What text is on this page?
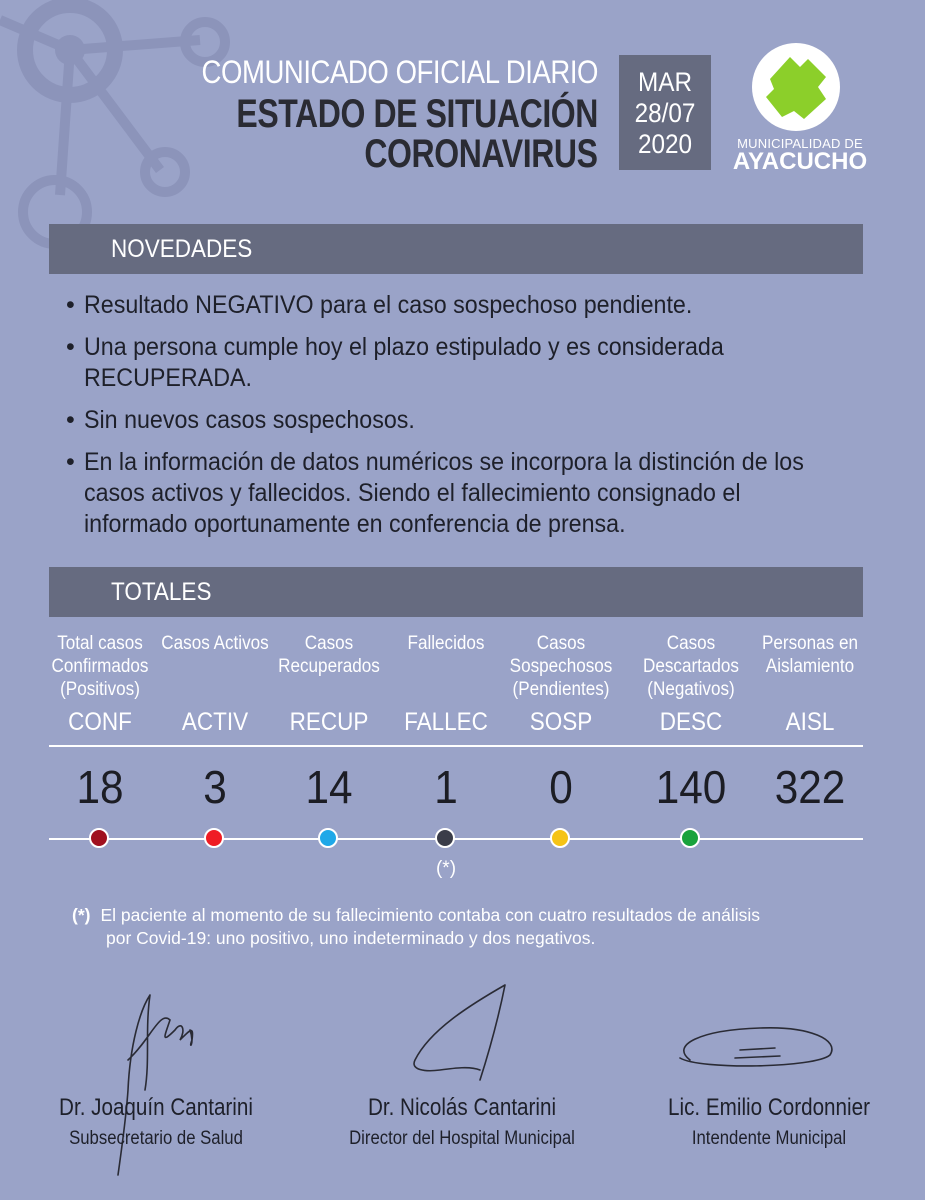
COMUNICADO OFICIAL DIARIO
ESTADO DE SITUACIÓN
CORONAVIRUS
MAR
28/07
2020	MUNICIPALIDAD DE
AYACUCHO
NOVEDADES
• Resultado NEGATIVO para el caso sospechoso pendiente.
• Una persona cumple hoy el plazo estipulado y es considerada RECUPERADA.
• Sin nuevos casos sospechosos.
• En la información de datos numéricos se incorpora la distinción de los casos activos y fallecidos. Siendo el fallecimiento consignado el informado oportunamente en conferencia de prensa.
TOTALES
Total casos Confirmados (Positivos)
CONF
18
Casos Activos
ACTIV
3
Casos Recuperados
RECUP
14
Fallecidos
FALLEC
1
Casos Sospechosos (Pendientes)
SOSP
0
Casos Descartados (Negativos)
DESC
140
Personas en Aislamiento
AISL
322
(*)
(*) El paciente al momento de su fallecimiento contaba con cuatro resultados de análisis
por Covid-19: uno positivo, uno indeterminado y dos negativos.
Dr. Joaquín Cantarini
Subsecretario de Salud
Dr. Nicolás Cantarini
Director del Hospital Municipal
Lic. Emilio Cordonnier
Intendente Municipal
